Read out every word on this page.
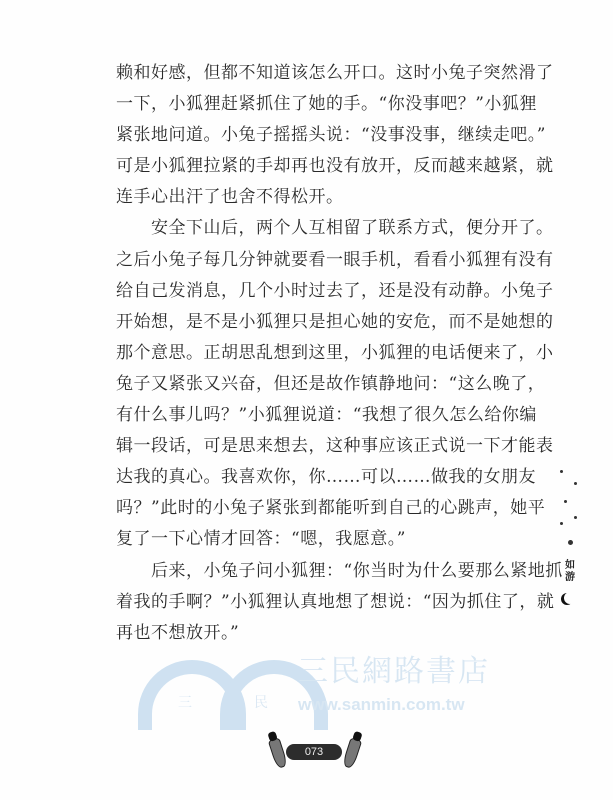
赖和好感，但都不知道该怎么开口。这时小兔子突然滑了
一下，小狐狸赶紧抓住了她的手。“你没事吧？”小狐狸
紧张地问道。小兔子摇摇头说：“没事没事，继续走吧。”
可是小狐狸拉紧的手却再也没有放开，反而越来越紧，就
连手心出汗了也舍不得松开。
　　安全下山后，两个人互相留了联系方式，便分开了。
之后小兔子每几分钟就要看一眼手机，看看小狐狸有没有
给自己发消息，几个小时过去了，还是没有动静。小兔子
开始想，是不是小狐狸只是担心她的安危，而不是她想的
那个意思。正胡思乱想到这里，小狐狸的电话便来了，小
兔子又紧张又兴奋，但还是故作镇静地问：“这么晚了，
有什么事儿吗？”小狐狸说道：“我想了很久怎么给你编
辑一段话，可是思来想去，这种事应该正式说一下才能表
达我的真心。我喜欢你，你……可以……做我的女朋友
吗？”此时的小兔子紧张到都能听到自己的心跳声，她平
复了一下心情才回答：“嗯，我愿意。”
　　后来，小兔子问小狐狸：“你当时为什么要那么紧地抓
着我的手啊？”小狐狸认真地想了想说：“因为抓住了，就
再也不想放开。”
如游
三	民
三民網路書店
www.sanmin.com.tw
073
